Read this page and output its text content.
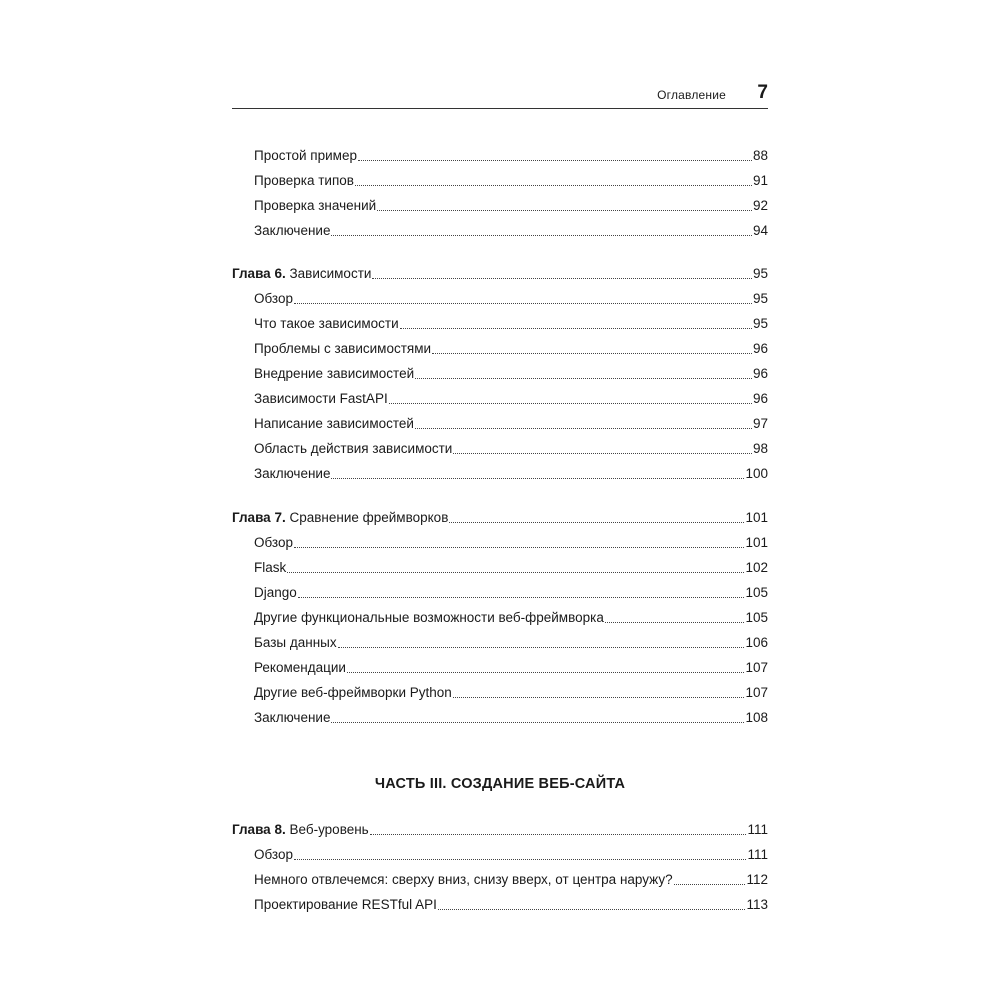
Оглавление 7
Простой пример	88
Проверка типов	91
Проверка значений	92
Заключение	94
Глава 6. Зависимости	95
Обзор	95
Что такое зависимости	95
Проблемы с зависимостями	96
Внедрение зависимостей	96
Зависимости FastAPI	96
Написание зависимостей	97
Область действия зависимости	98
Заключение	100
Глава 7. Сравнение фреймворков	101
Обзор	101
Flask	102
Django	105
Другие функциональные возможности веб-фреймворка	105
Базы данных	106
Рекомендации	107
Другие веб-фреймворки Python	107
Заключение	108
ЧАСТЬ III. СОЗДАНИЕ ВЕБ-САЙТА
Глава 8. Веб-уровень	111
Обзор	111
Немного отвлечемся: сверху вниз, снизу вверх, от центра наружу?	112
Проектирование RESTful API	113
